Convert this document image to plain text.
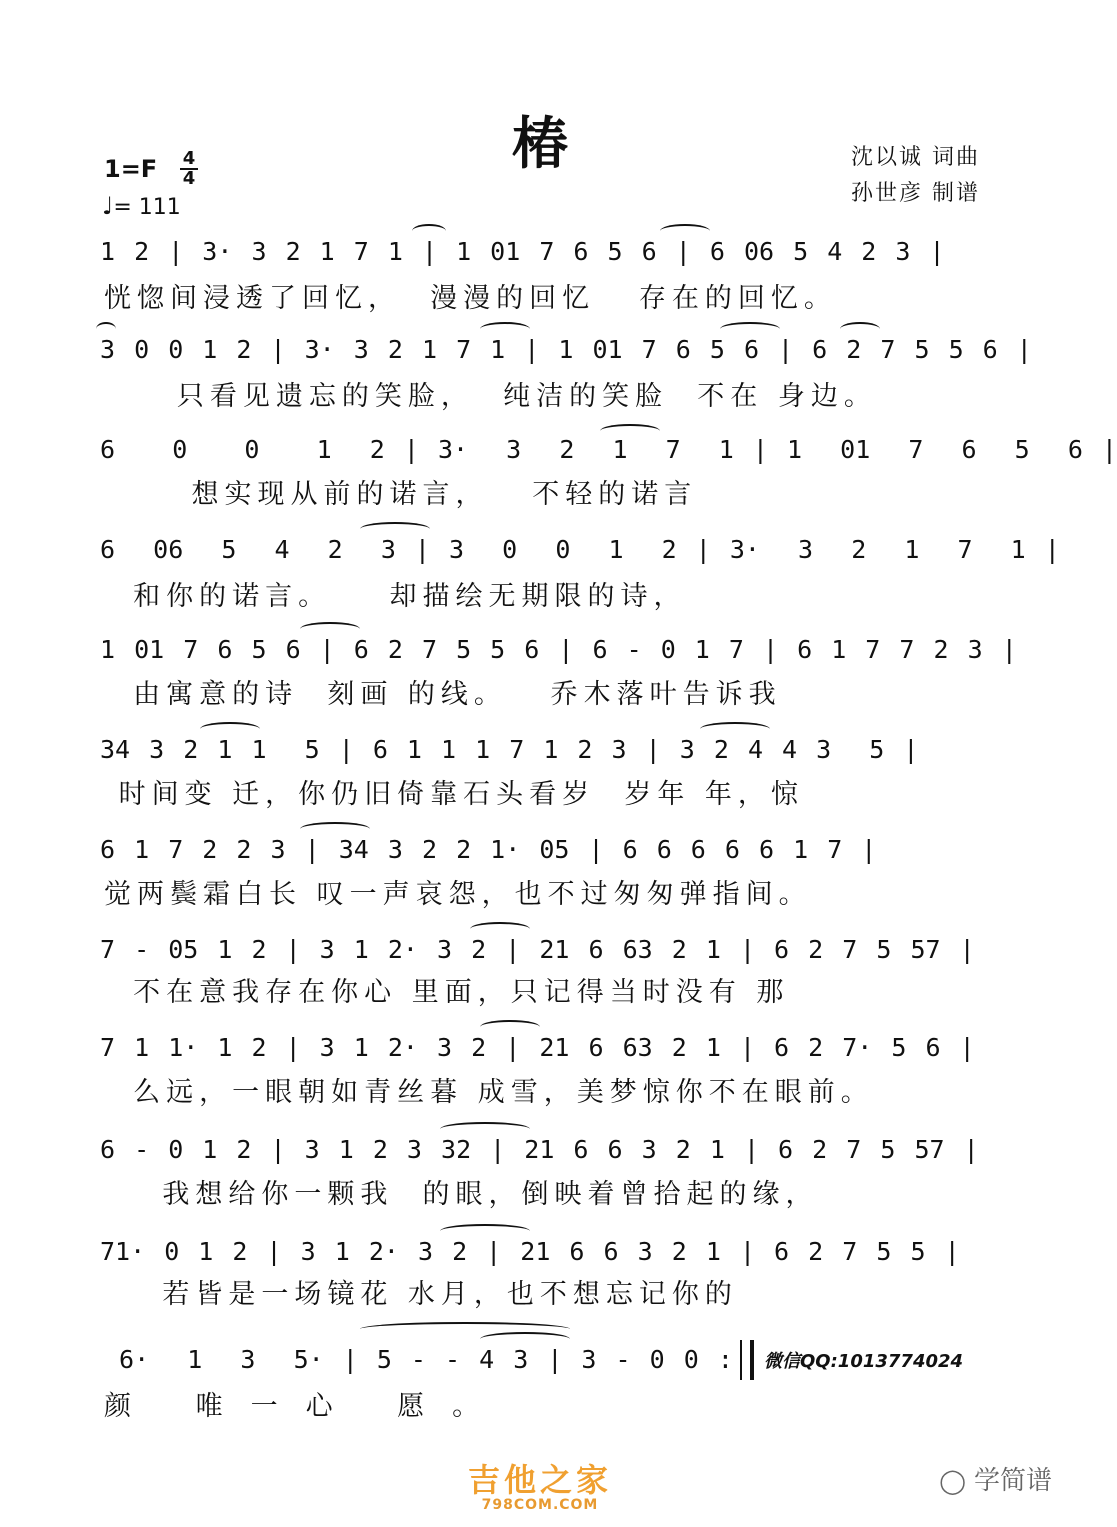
椿	沈以诚 词曲
孙世彦 制谱
1=F 4
4
♩= 111
1 2 | 3· 3 2 1 7 1 | 1 01 7 6 5 6 | 6 06 5 4 2 3 |
恍惚间浸透了回忆，  漫漫的回忆   存在的回忆。
3 0 0 1 2 | 3· 3 2 1 7 1 | 1 01 7 6 5 6 | 6 2 7 5 5 6 |
只看见遗忘的笑脸，  纯洁的笑脸  不在 身边。
6   0   0   1  2 | 3·  3  2  1  7  1 | 1  01  7  6  5  6 |
想实现从前的诺言，   不轻的诺言
6  06  5  4  2  3 | 3  0  0  1  2 | 3·  3  2  1  7  1 |
和你的诺言。    却描绘无期限的诗，
1 01 7 6 5 6 | 6 2 7 5 5 6 | 6 - 0 1 7 | 6 1 7 7 2 3 |
由寓意的诗  刻画 的线。   乔木落叶告诉我
34 3 2 1 1  5 | 6 1 1 1 7 1 2 3 | 3 2 4 4 3  5 |
时间变 迁，你仍旧倚靠石头看岁  岁年 年，惊
6 1 7 2 2 3 | 34 3 2 2 1· 05 | 6 6 6 6 6 1 7 |
觉两鬓霜白长 叹一声哀怨，也不过匆匆弹指间。
7 - 05 1 2 | 3 1 2· 3 2 | 21 6 63 2 1 | 6 2 7 5 57 |
不在意我存在你心 里面，只记得当时没有 那
7 1 1· 1 2 | 3 1 2· 3 2 | 21 6 63 2 1 | 6 2 7· 5 6 |
么远，一眼朝如青丝暮 成雪，美梦惊你不在眼前。
6 - 0 1 2 | 3 1 2 3 32 | 21 6 6 3 2 1 | 6 2 7 5 57 |
我想给你一颗我  的眼，倒映着曾拾起的缘，
71· 0 1 2 | 3 1 2· 3 2 | 21 6 6 3 2 1 | 6 2 7 5 5 |
若皆是一场镜花 水月，也不想忘记你的
6·  1  3  5· | 5 - - 4 3 | 3 - 0 0 :
颜 唯一心 愿。
微信QQ:1013774024
吉他之家
798COM.COM
◯ 学简谱
